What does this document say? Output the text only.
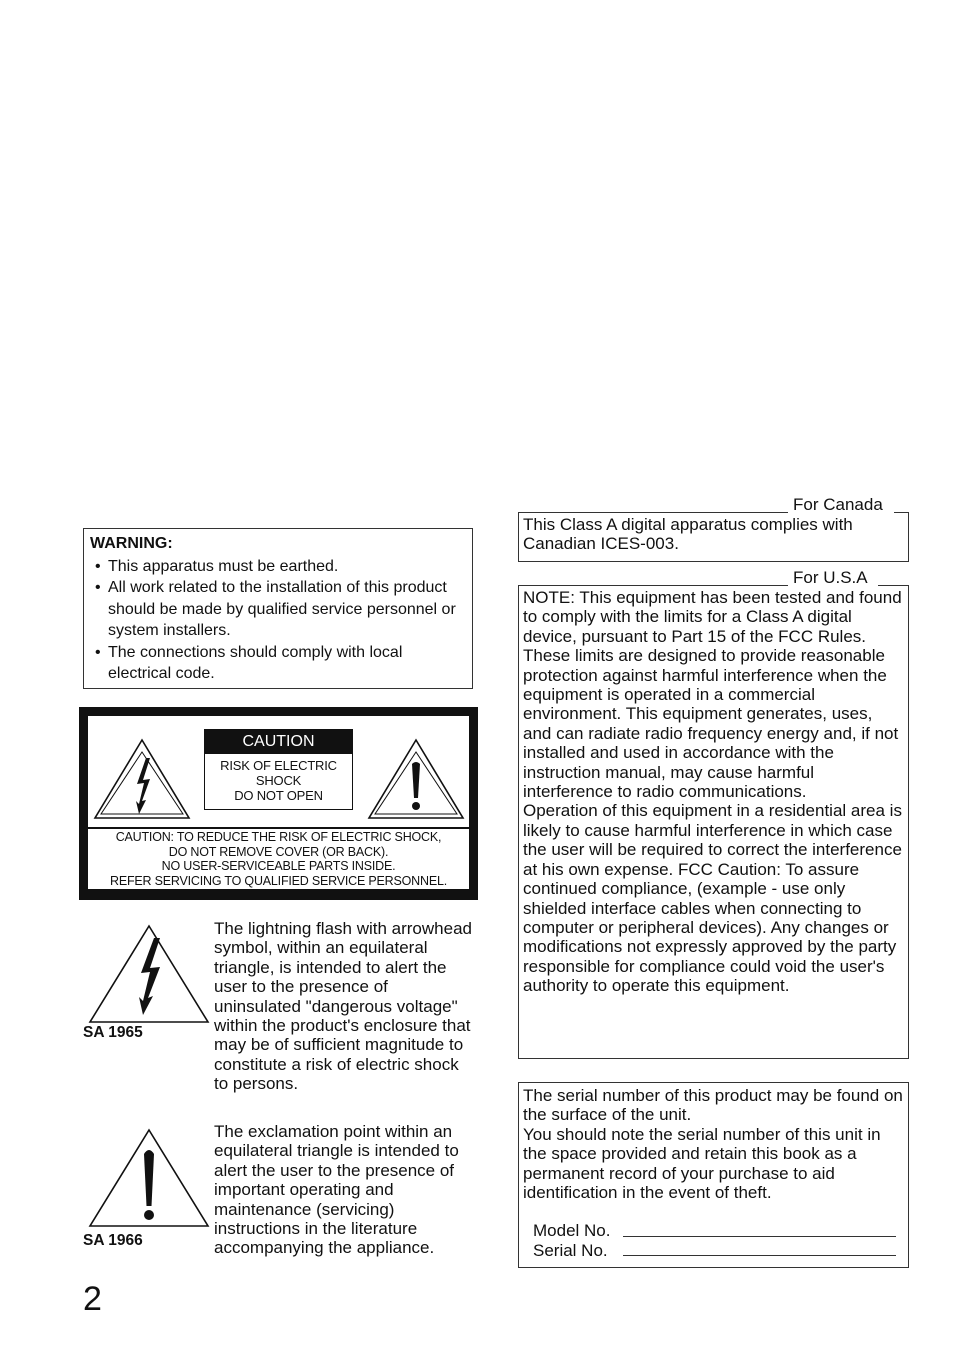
WARNING:
• This apparatus must be earthed.
• All work related to the installation of this product should be made by qualified service personnel or system installers.
• The connections should comply with local electrical code.
CAUTION
RISK OF ELECTRIC
SHOCK
DO NOT OPEN
CAUTION: TO REDUCE THE RISK OF ELECTRIC SHOCK,
DO NOT REMOVE COVER (OR BACK).
NO USER-SERVICEABLE PARTS INSIDE.
REFER SERVICING TO QUALIFIED SERVICE PERSONNEL.
SA 1965
The lightning flash with arrowhead symbol, within an equilateral triangle, is intended to alert the user to the presence of uninsulated "dangerous voltage" within the product's enclosure that may be of sufficient magnitude to constitute a risk of electric shock to persons.
SA 1966
The exclamation point within an equilateral triangle is intended to alert the user to the presence of important operating and maintenance (servicing) instructions in the literature accompanying the appliance.
This Class A digital apparatus complies with Canadian ICES-003.
For Canada
NOTE: This equipment has been tested and found to comply with the limits for a Class A digital device, pursuant to Part 15 of the FCC Rules.
These limits are designed to provide reasonable protection against harmful interference when the equipment is operated in a commercial environment. This equipment generates, uses, and can radiate radio frequency energy and, if not installed and used in accordance with the instruction manual, may cause harmful interference to radio communications.
Operation of this equipment in a residential area is likely to cause harmful interference in which case the user will be required to correct the interference at his own expense. FCC Caution: To assure continued compliance, (example - use only shielded interface cables when connecting to computer or peripheral devices). Any changes or modifications not expressly approved by the party responsible for compliance could void the user's authority to operate this equipment.
For U.S.A
The serial number of this product may be found on the surface of the unit.
You should note the serial number of this unit in the space provided and retain this book as a permanent record of your purchase to aid identification in the event of theft.
Model No.
Serial No.
2
